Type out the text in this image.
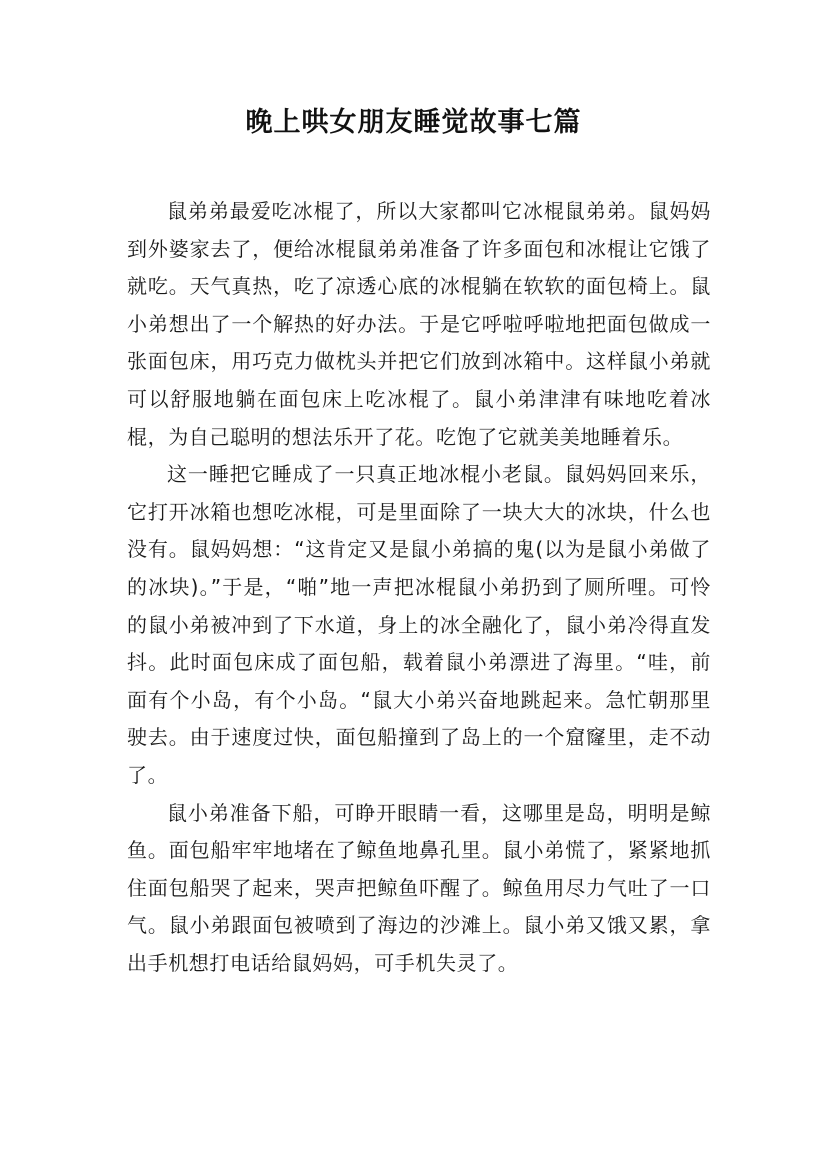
晚上哄女朋友睡觉故事七篇

鼠弟弟最爱吃冰棍了，所以大家都叫它冰棍鼠弟弟。鼠妈妈到外婆家去了，便给冰棍鼠弟弟准备了许多面包和冰棍让它饿了就吃。天气真热，吃了凉透心底的冰棍躺在软软的面包椅上。鼠小弟想出了一个解热的好办法。于是它呼啦呼啦地把面包做成一张面包床，用巧克力做枕头并把它们放到冰箱中。这样鼠小弟就可以舒服地躺在面包床上吃冰棍了。鼠小弟津津有味地吃着冰棍，为自己聪明的想法乐开了花。吃饱了它就美美地睡着乐。

这一睡把它睡成了一只真正地冰棍小老鼠。鼠妈妈回来乐，它打开冰箱也想吃冰棍，可是里面除了一块大大的冰块，什么也没有。鼠妈妈想：“这肯定又是鼠小弟搞的鬼(以为是鼠小弟做了的冰块)。”于是，“啪”地一声把冰棍鼠小弟扔到了厕所哩。可怜的鼠小弟被冲到了下水道，身上的冰全融化了，鼠小弟冷得直发抖。此时面包床成了面包船，载着鼠小弟漂进了海里。“哇，前面有个小岛，有个小岛。“鼠大小弟兴奋地跳起来。急忙朝那里驶去。由于速度过快，面包船撞到了岛上的一个窟窿里，走不动了。

鼠小弟准备下船，可睁开眼睛一看，这哪里是岛，明明是鲸鱼。面包船牢牢地堵在了鲸鱼地鼻孔里。鼠小弟慌了，紧紧地抓住面包船哭了起来，哭声把鲸鱼吓醒了。鲸鱼用尽力气吐了一口气。鼠小弟跟面包被喷到了海边的沙滩上。鼠小弟又饿又累，拿出手机想打电话给鼠妈妈，可手机失灵了。
